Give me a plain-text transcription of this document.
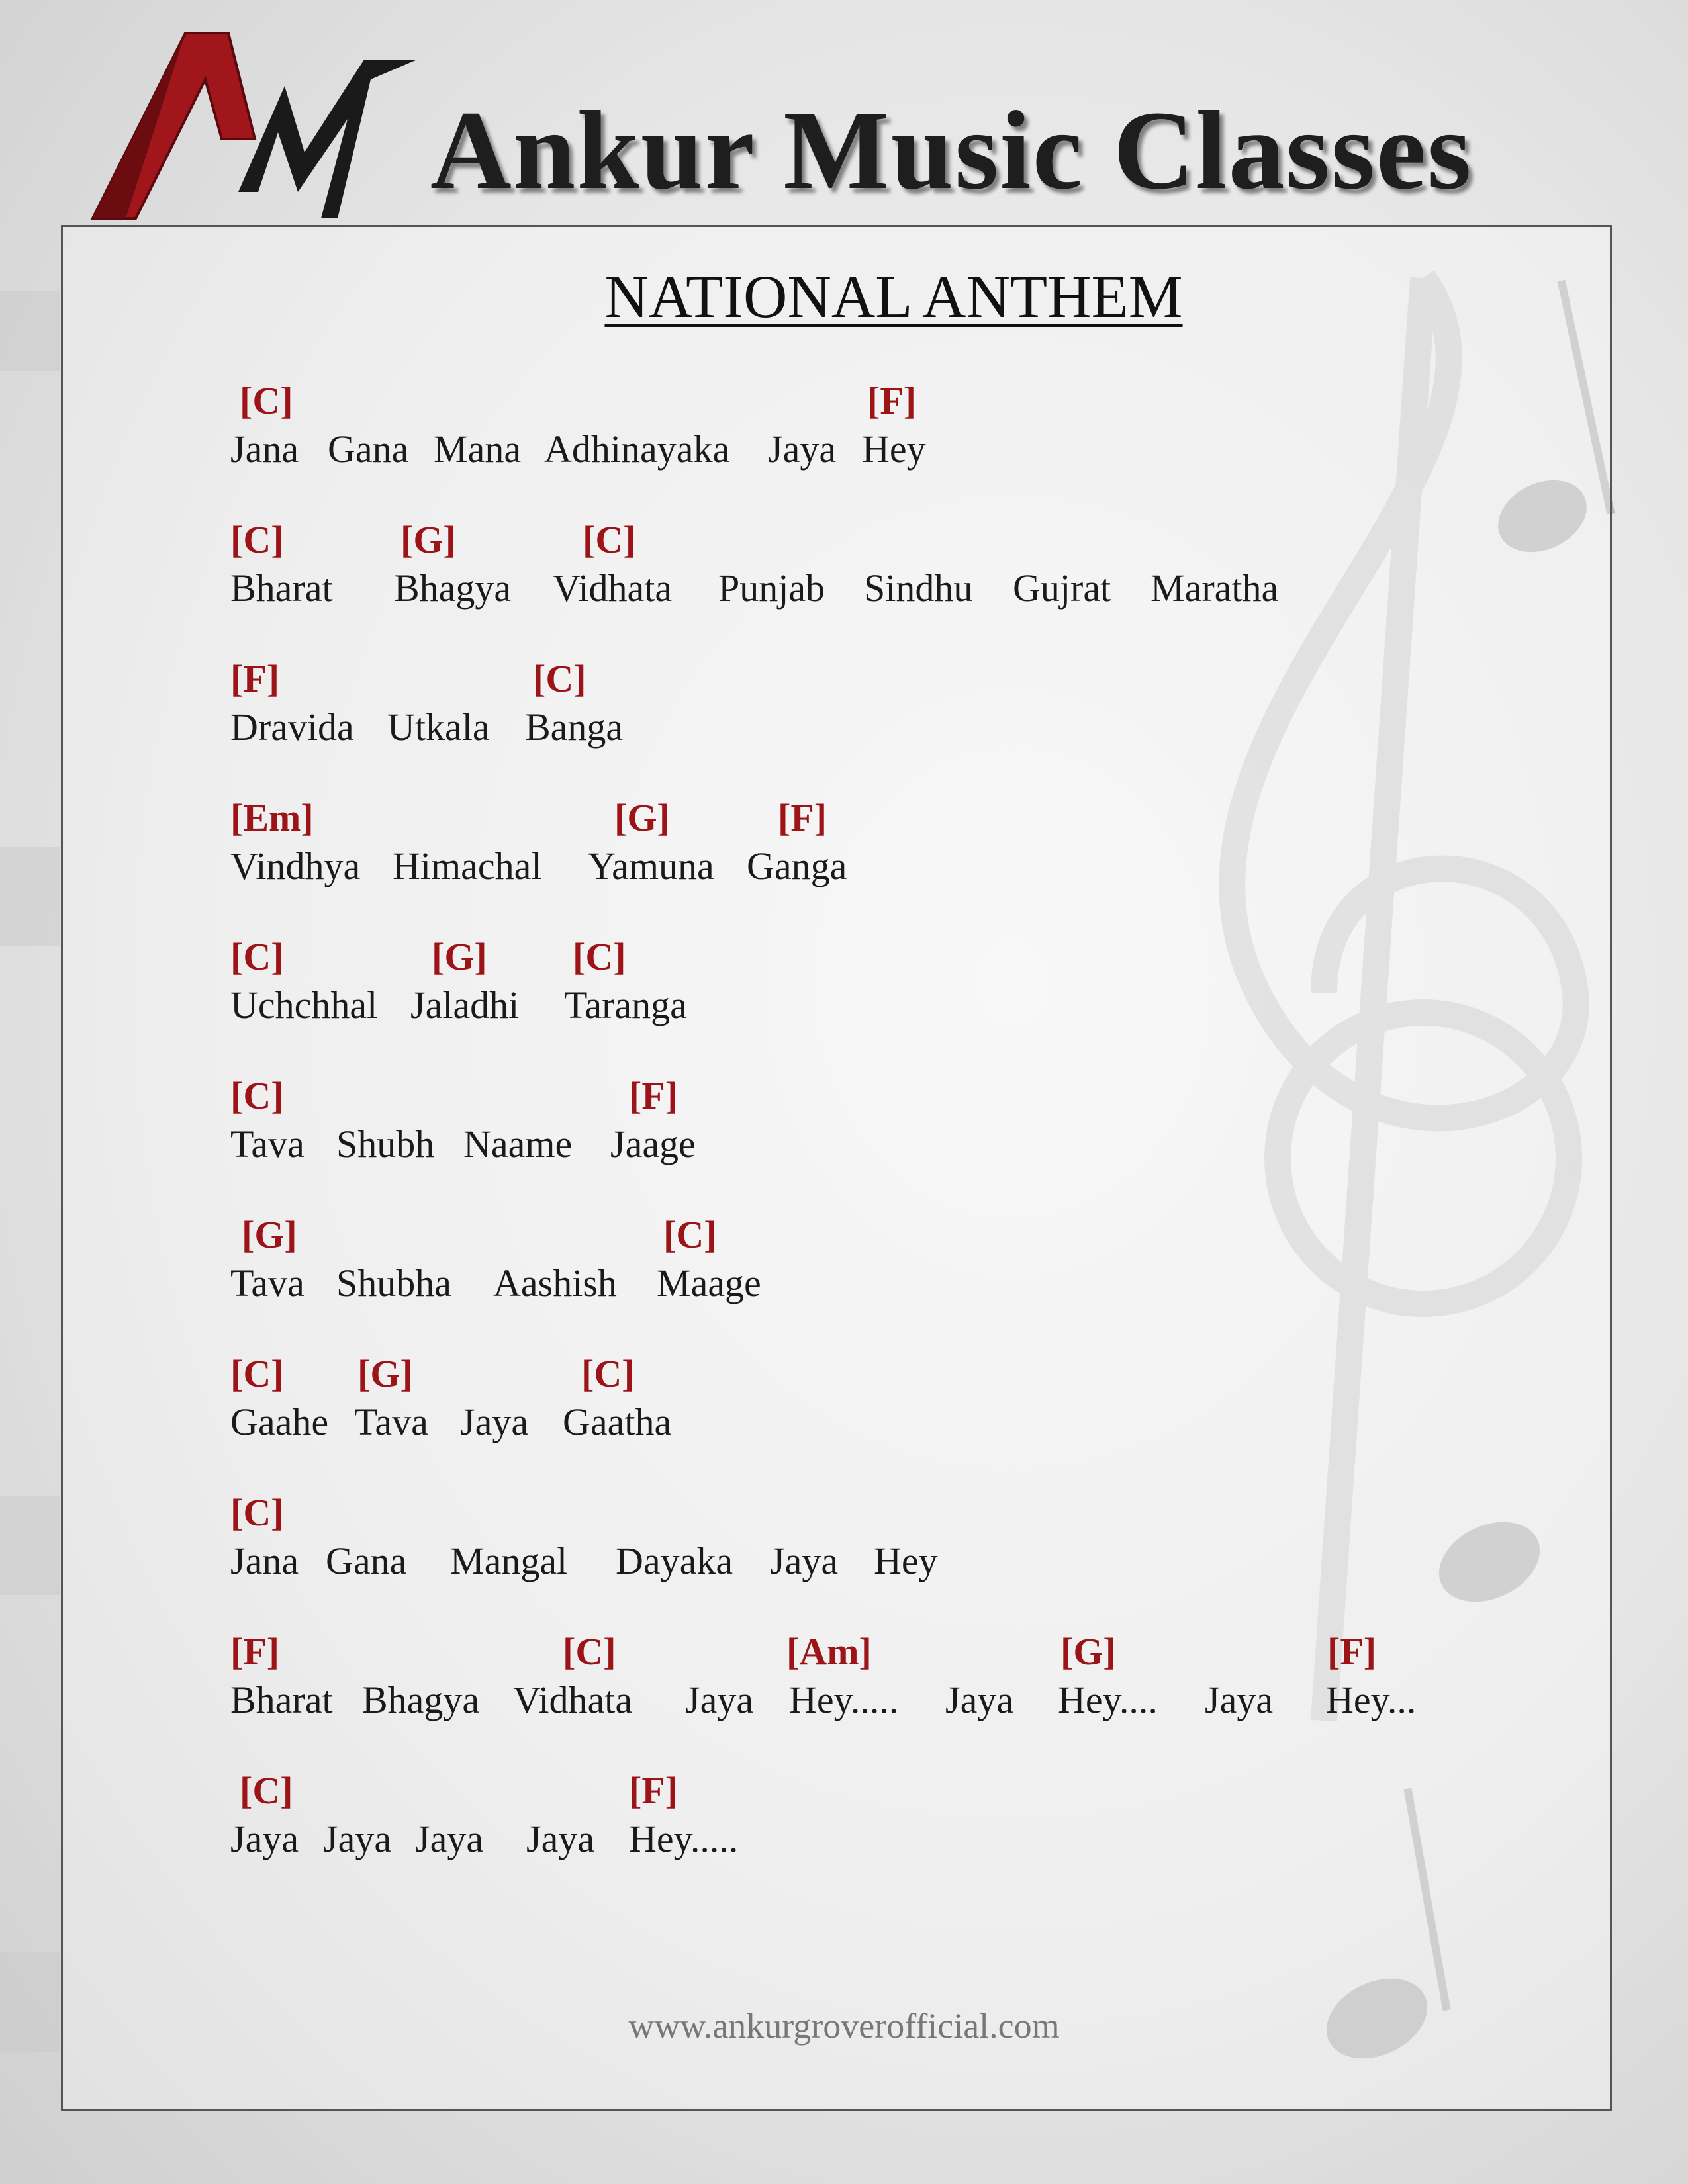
Ankur Music Classes
NATIONAL ANTHEM
[C]	[F]
Jana Gana Mana Adhinayaka Jaya Hey
[C]	[G]	[C]
Bharat Bhagya Vidhata Punjab Sindhu Gujrat Maratha
[F]	[C]
Dravida Utkala Banga
[Em]	[G]	[F]
Vindhya Himachal Yamuna Ganga
[C]	[G] [C]
Uchchhal Jaladhi Taranga
[C]	[F]
Tava Shubh Naame Jaage
[G]	[C]
Tava Shubha Aashish Maage
[C] [G]	[C]
Gaahe Tava Jaya Gaatha
[C]
Jana Gana Mangal Dayaka Jaya Hey
[F]	[C]	[Am]	[G]	[F]
Bharat Bhagya Vidhata Jaya Hey..... Jaya Hey.... Jaya Hey...
[C]	[F]
Jaya Jaya Jaya Jaya Hey.....
www.ankurgroverofficial.com
